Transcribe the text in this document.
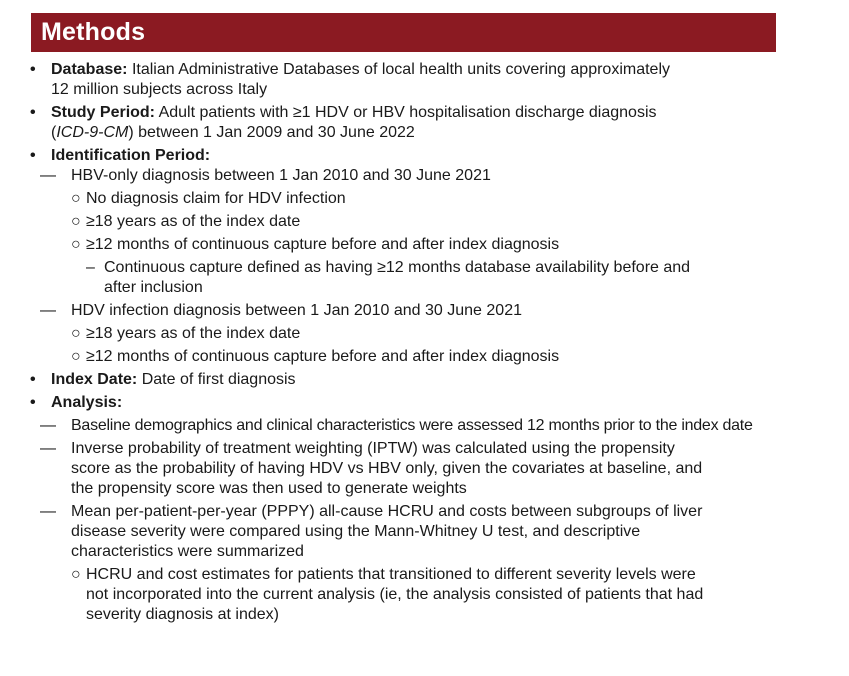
Methods
• Database: Italian Administrative Databases of local health units covering approximately
12 million subjects across Italy
• Study Period: Adult patients with ≥1 HDV or HBV hospitalisation discharge diagnosis
(ICD-9-CM) between 1 Jan 2009 and 30 June 2022
• Identification Period:
— HBV-only diagnosis between 1 Jan 2010 and 30 June 2021
○ No diagnosis claim for HDV infection
○ ≥18 years as of the index date
○ ≥12 months of continuous capture before and after index diagnosis
– Continuous capture defined as having ≥12 months database availability before and
after inclusion
— HDV infection diagnosis between 1 Jan 2010 and 30 June 2021
○ ≥18 years as of the index date
○ ≥12 months of continuous capture before and after index diagnosis
• Index Date: Date of first diagnosis
• Analysis:
— Baseline demographics and clinical characteristics were assessed 12 months prior to the index date
— Inverse probability of treatment weighting (IPTW) was calculated using the propensity
score as the probability of having HDV vs HBV only, given the covariates at baseline, and
the propensity score was then used to generate weights
— Mean per-patient-per-year (PPPY) all-cause HCRU and costs between subgroups of liver
disease severity were compared using the Mann-Whitney U test, and descriptive
characteristics were summarized
○ HCRU and cost estimates for patients that transitioned to different severity levels were
not incorporated into the current analysis (ie, the analysis consisted of patients that had
severity diagnosis at index)
